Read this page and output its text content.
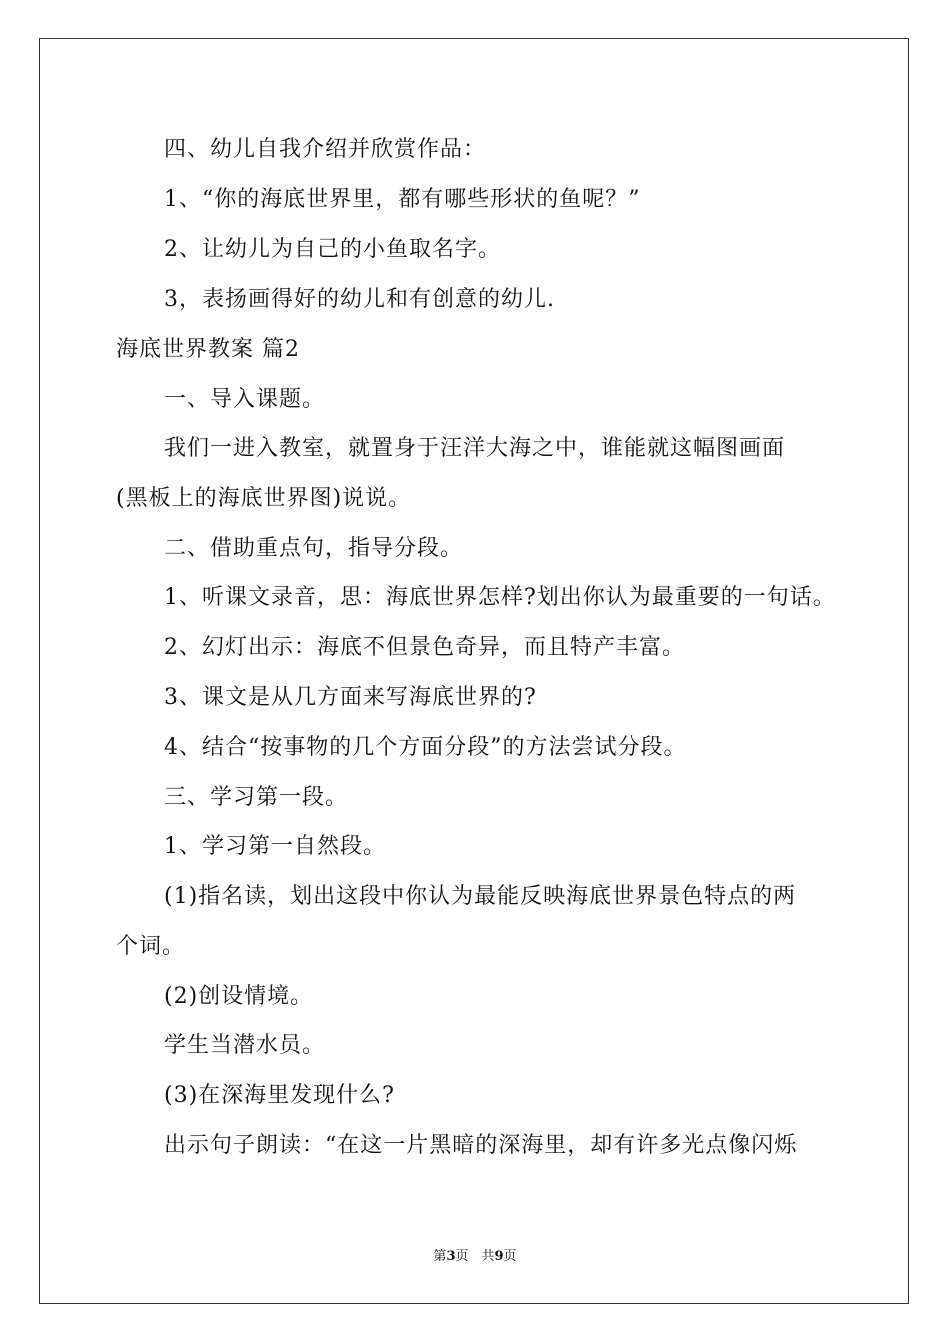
四、幼儿自我介绍并欣赏作品：
1、“你的海底世界里，都有哪些形状的鱼呢？”
2、让幼儿为自己的小鱼取名字。
3，表扬画得好的幼儿和有创意的幼儿.
海底世界教案 篇2
一、导入课题。
我们一进入教室，就置身于汪洋大海之中，谁能就这幅图画面
(黑板上的海底世界图)说说。
二、借助重点句，指导分段。
1、听课文录音，思：海底世界怎样?划出你认为最重要的一句话。
2、幻灯出示：海底不但景色奇异，而且特产丰富。
3、课文是从几方面来写海底世界的?
4、结合“按事物的几个方面分段”的方法尝试分段。
三、学习第一段。
1、学习第一自然段。
(1)指名读，划出这段中你认为最能反映海底世界景色特点的两
个词。
(2)创设情境。
学生当潜水员。
(3)在深海里发现什么?
出示句子朗读：“在这一片黑暗的深海里，却有许多光点像闪烁
第3页　共9页
